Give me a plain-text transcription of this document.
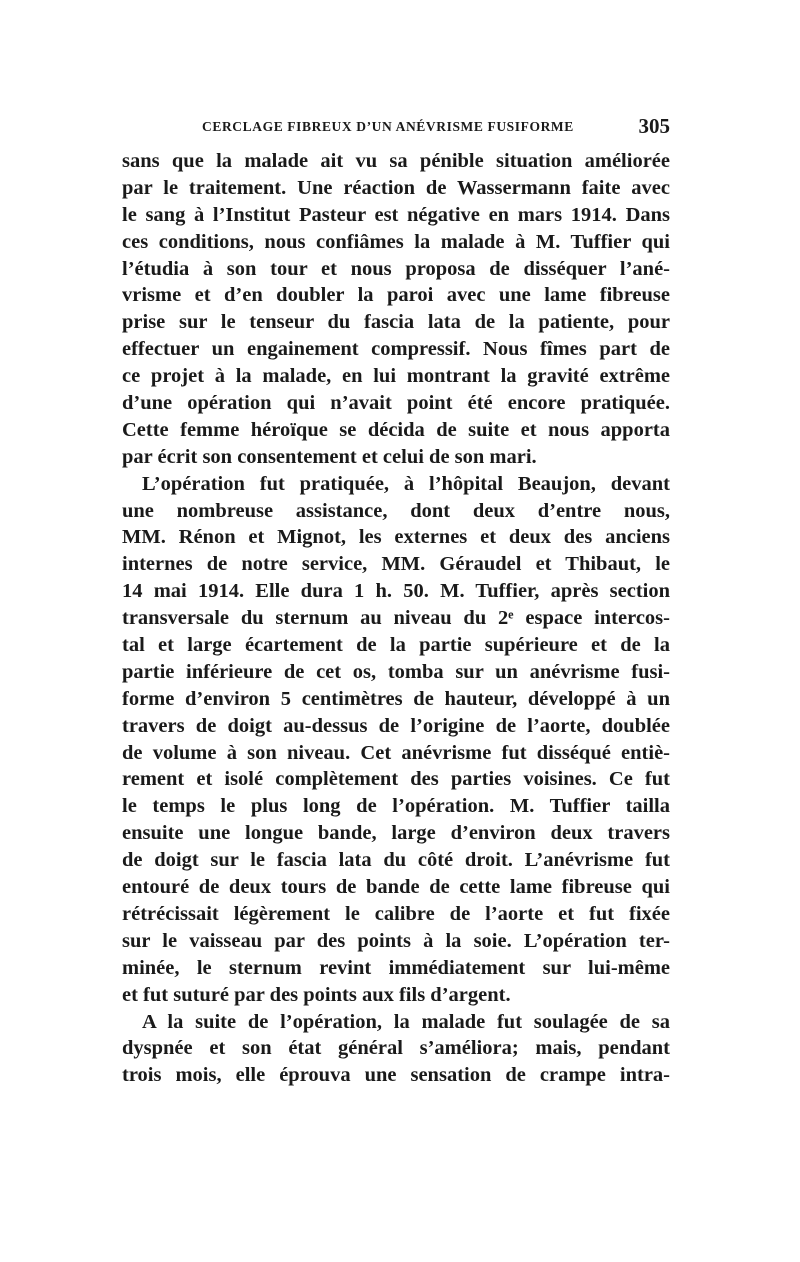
CERCLAGE FIBREUX D’UN ANÉVRISME FUSIFORME	305
sans que la malade ait vu sa pénible situation améliorée
par le traitement. Une réaction de Wassermann faite avec
le sang à l’Institut Pasteur est négative en mars 1914. Dans
ces conditions, nous confiâmes la malade à M. Tuffier qui
l’étudia à son tour et nous proposa de disséquer l’ané-
vrisme et d’en doubler la paroi avec une lame fibreuse
prise sur le tenseur du fascia lata de la patiente, pour
effectuer un engainement compressif. Nous fîmes part de
ce projet à la malade, en lui montrant la gravité extrême
d’une opération qui n’avait point été encore pratiquée.
Cette femme héroïque se décida de suite et nous apporta
par écrit son consentement et celui de son mari.
L’opération fut pratiquée, à l’hôpital Beaujon, devant
une nombreuse assistance, dont deux d’entre nous,
MM. Rénon et Mignot, les externes et deux des anciens
internes de notre service, MM. Géraudel et Thibaut, le
14 mai 1914. Elle dura 1 h. 50. M. Tuffier, après section
transversale du sternum au niveau du 2ᵉ espace intercos-
tal et large écartement de la partie supérieure et de la
partie inférieure de cet os, tomba sur un anévrisme fusi-
forme d’environ 5 centimètres de hauteur, développé à un
travers de doigt au-dessus de l’origine de l’aorte, doublée
de volume à son niveau. Cet anévrisme fut disséqué entiè-
rement et isolé complètement des parties voisines. Ce fut
le temps le plus long de l’opération. M. Tuffier tailla
ensuite une longue bande, large d’environ deux travers
de doigt sur le fascia lata du côté droit. L’anévrisme fut
entouré de deux tours de bande de cette lame fibreuse qui
rétrécissait légèrement le calibre de l’aorte et fut fixée
sur le vaisseau par des points à la soie. L’opération ter-
minée, le sternum revint immédiatement sur lui-même
et fut suturé par des points aux fils d’argent.
A la suite de l’opération, la malade fut soulagée de sa
dyspnée et son état général s’améliora; mais, pendant
trois mois, elle éprouva une sensation de crampe intra-
